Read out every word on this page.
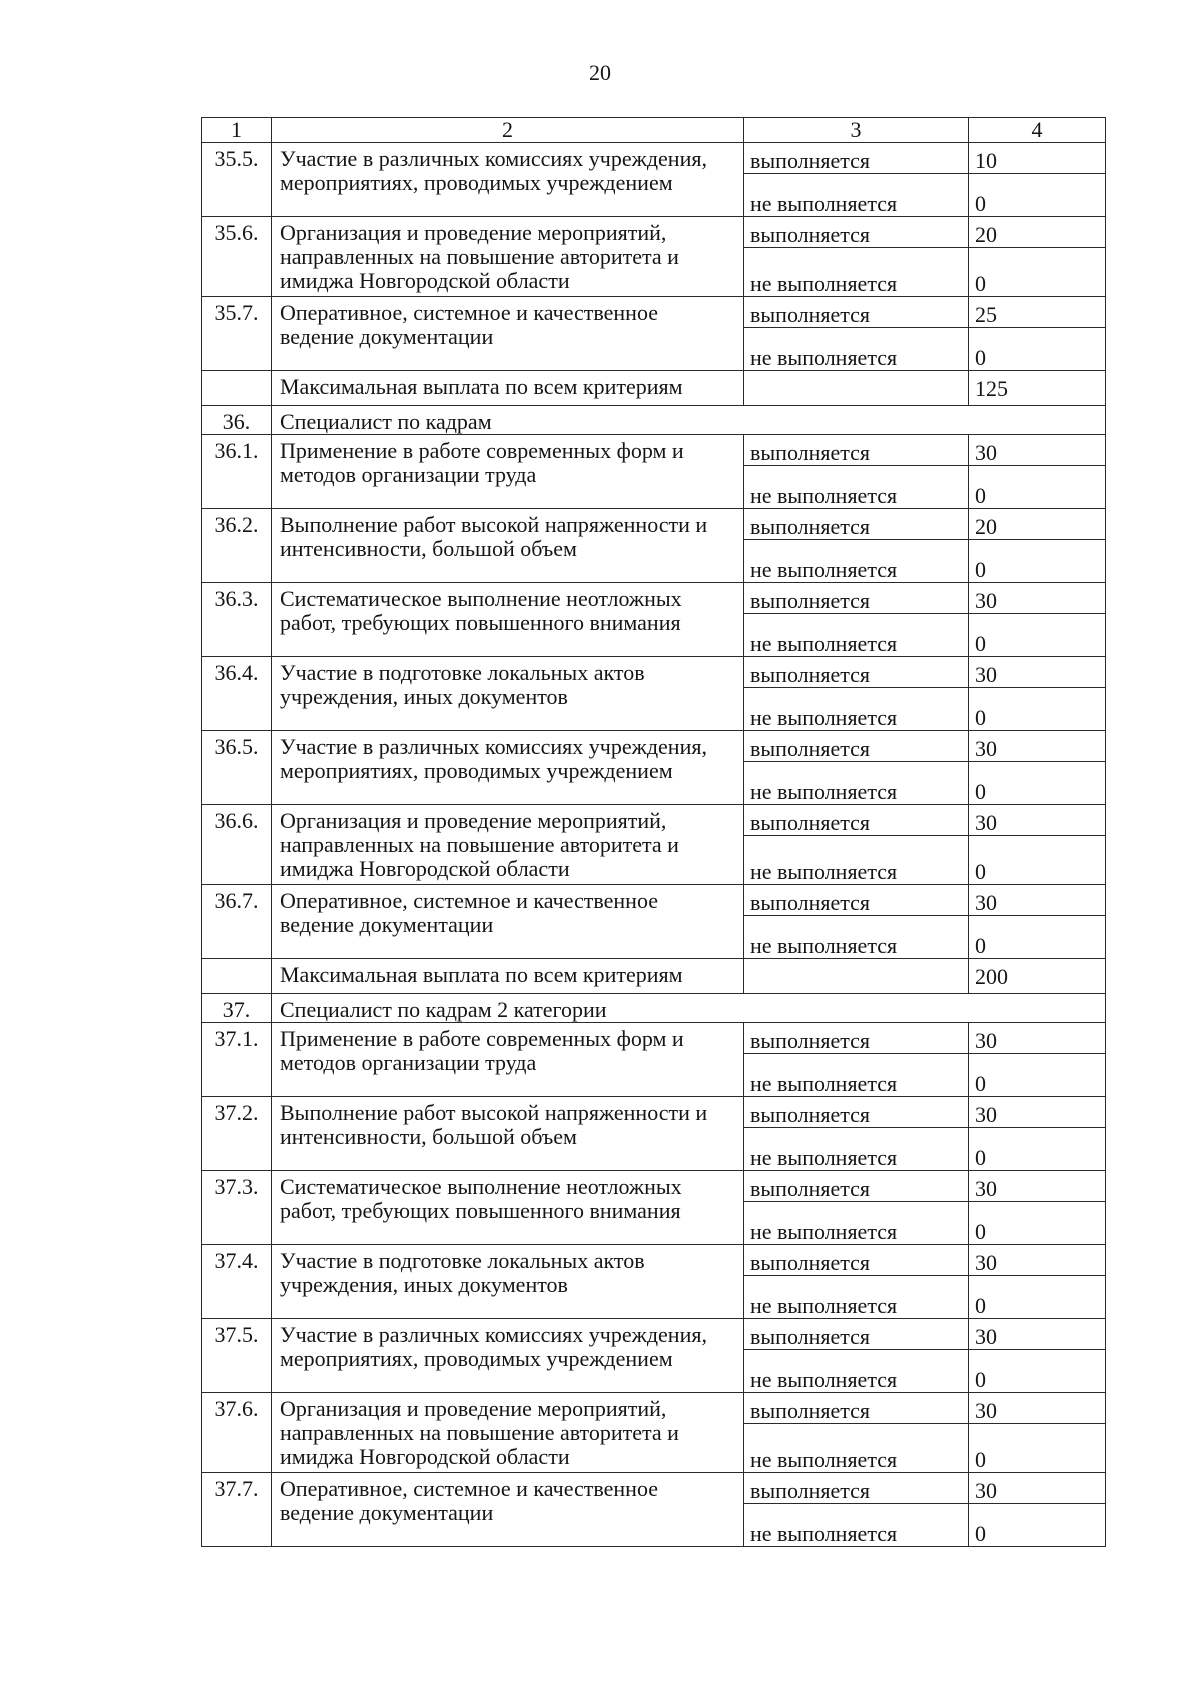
20
1	2	3	4
35.5.	Участие в различных комиссиях учреждения, мероприятиях, проводимых учреждением	выполняется	10
		не выполняется	0
35.6.	Организация и проведение мероприятий, направленных на повышение авторитета и имиджа Новгородской области	выполняется	20
		не выполняется	0
35.7.	Оперативное, системное и качественное ведение документации	выполняется	25
		не выполняется	0
	Максимальная выплата по всем критериям		125
36.	Специалист по кадрам		
36.1.	Применение в работе современных форм и методов организации труда	выполняется	30
		не выполняется	0
36.2.	Выполнение работ высокой напряженности и интенсивности, большой объем	выполняется	20
		не выполняется	0
36.3.	Систематическое выполнение неотложных работ, требующих повышенного внимания	выполняется	30
		не выполняется	0
36.4.	Участие в подготовке локальных актов учреждения, иных документов	выполняется	30
		не выполняется	0
36.5.	Участие в различных комиссиях учреждения, мероприятиях, проводимых учреждением	выполняется	30
		не выполняется	0
36.6.	Организация и проведение мероприятий, направленных на повышение авторитета и имиджа Новгородской области	выполняется	30
		не выполняется	0
36.7.	Оперативное, системное и качественное ведение документации	выполняется	30
		не выполняется	0
	Максимальная выплата по всем критериям		200
37.	Специалист по кадрам 2 категории		
37.1.	Применение в работе современных форм и методов организации труда	выполняется	30
		не выполняется	0
37.2.	Выполнение работ высокой напряженности и интенсивности, большой объем	выполняется	30
		не выполняется	0
37.3.	Систематическое выполнение неотложных работ, требующих повышенного внимания	выполняется	30
		не выполняется	0
37.4.	Участие в подготовке локальных актов учреждения, иных документов	выполняется	30
		не выполняется	0
37.5.	Участие в различных комиссиях учреждения, мероприятиях, проводимых учреждением	выполняется	30
		не выполняется	0
37.6.	Организация и проведение мероприятий, направленных на повышение авторитета и имиджа Новгородской области	выполняется	30
		не выполняется	0
37.7.	Оперативное, системное и качественное ведение документации	выполняется	30
		не выполняется	0
